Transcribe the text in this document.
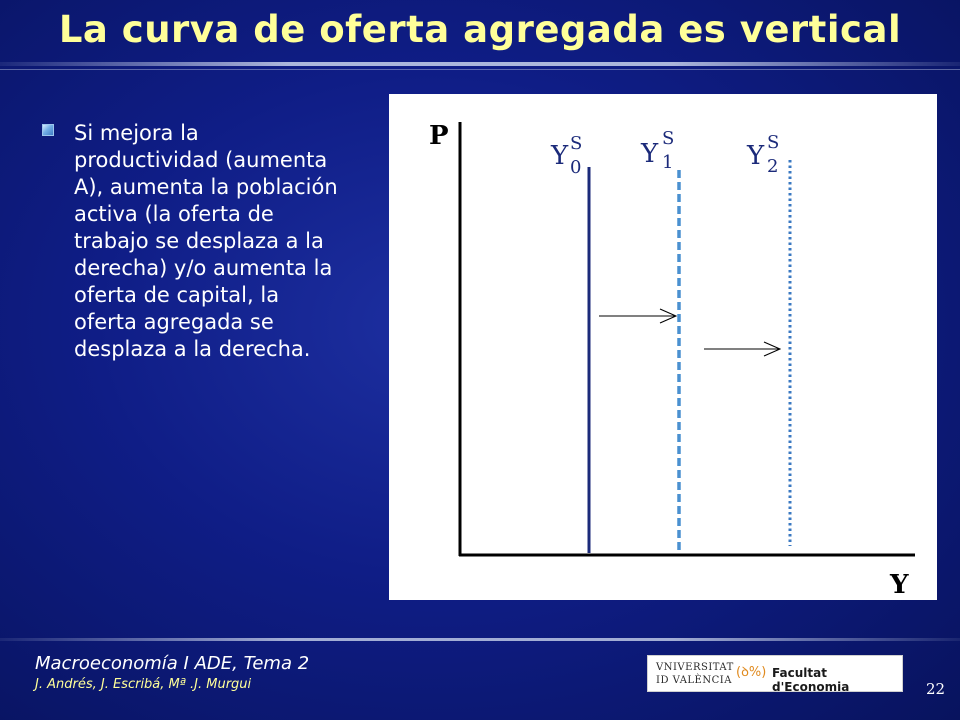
La curva de oferta agregada es vertical
Si mejora la productividad (aumenta A), aumenta la población activa (la oferta de trabajo se desplaza a la derecha) y/o aumenta la oferta de capital, la oferta agregada se desplaza a la derecha.
P
Y
Y S 0 Y S 1	Y S 2
Macroeconomía I ADE, Tema 2
J. Andrés, J. Escribá, Mª .J. Murgui
VNIVERSITAT
ID VALÈNCIA
(ꝺ%) Facultat d'Economia	22
